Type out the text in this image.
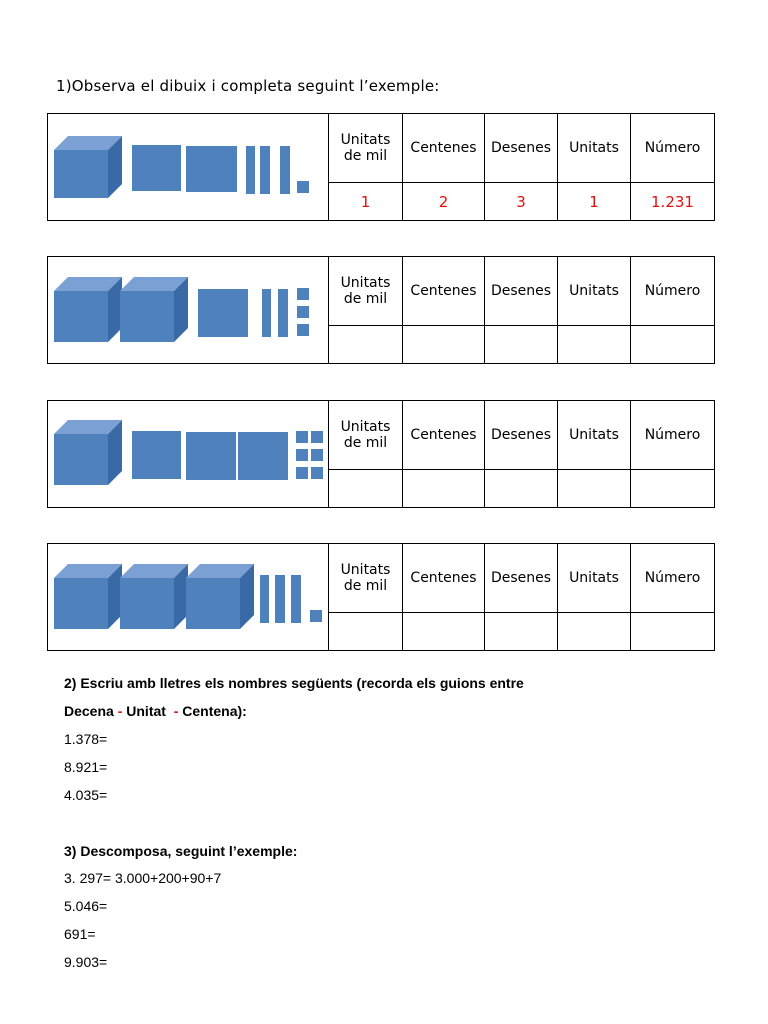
1)Observa el dibuix i completa seguint l’exemple:
	Unitats de mil	Centenes	Desenes	Unitats	Número
	1	2	3	1	1.231
	Unitats de mil	Centenes	Desenes	Unitats	Número

	Unitats de mil	Centenes	Desenes	Unitats	Número

	Unitats de mil	Centenes	Desenes	Unitats	Número

2) Escriu amb lletres els nombres següents (recorda els guions entre
Decena - Unitat - Centena):
1.378=
8.921=
4.035=
3) Descomposa, seguint l’exemple:
3. 297= 3.000+200+90+7
5.046=
691=
9.903=
